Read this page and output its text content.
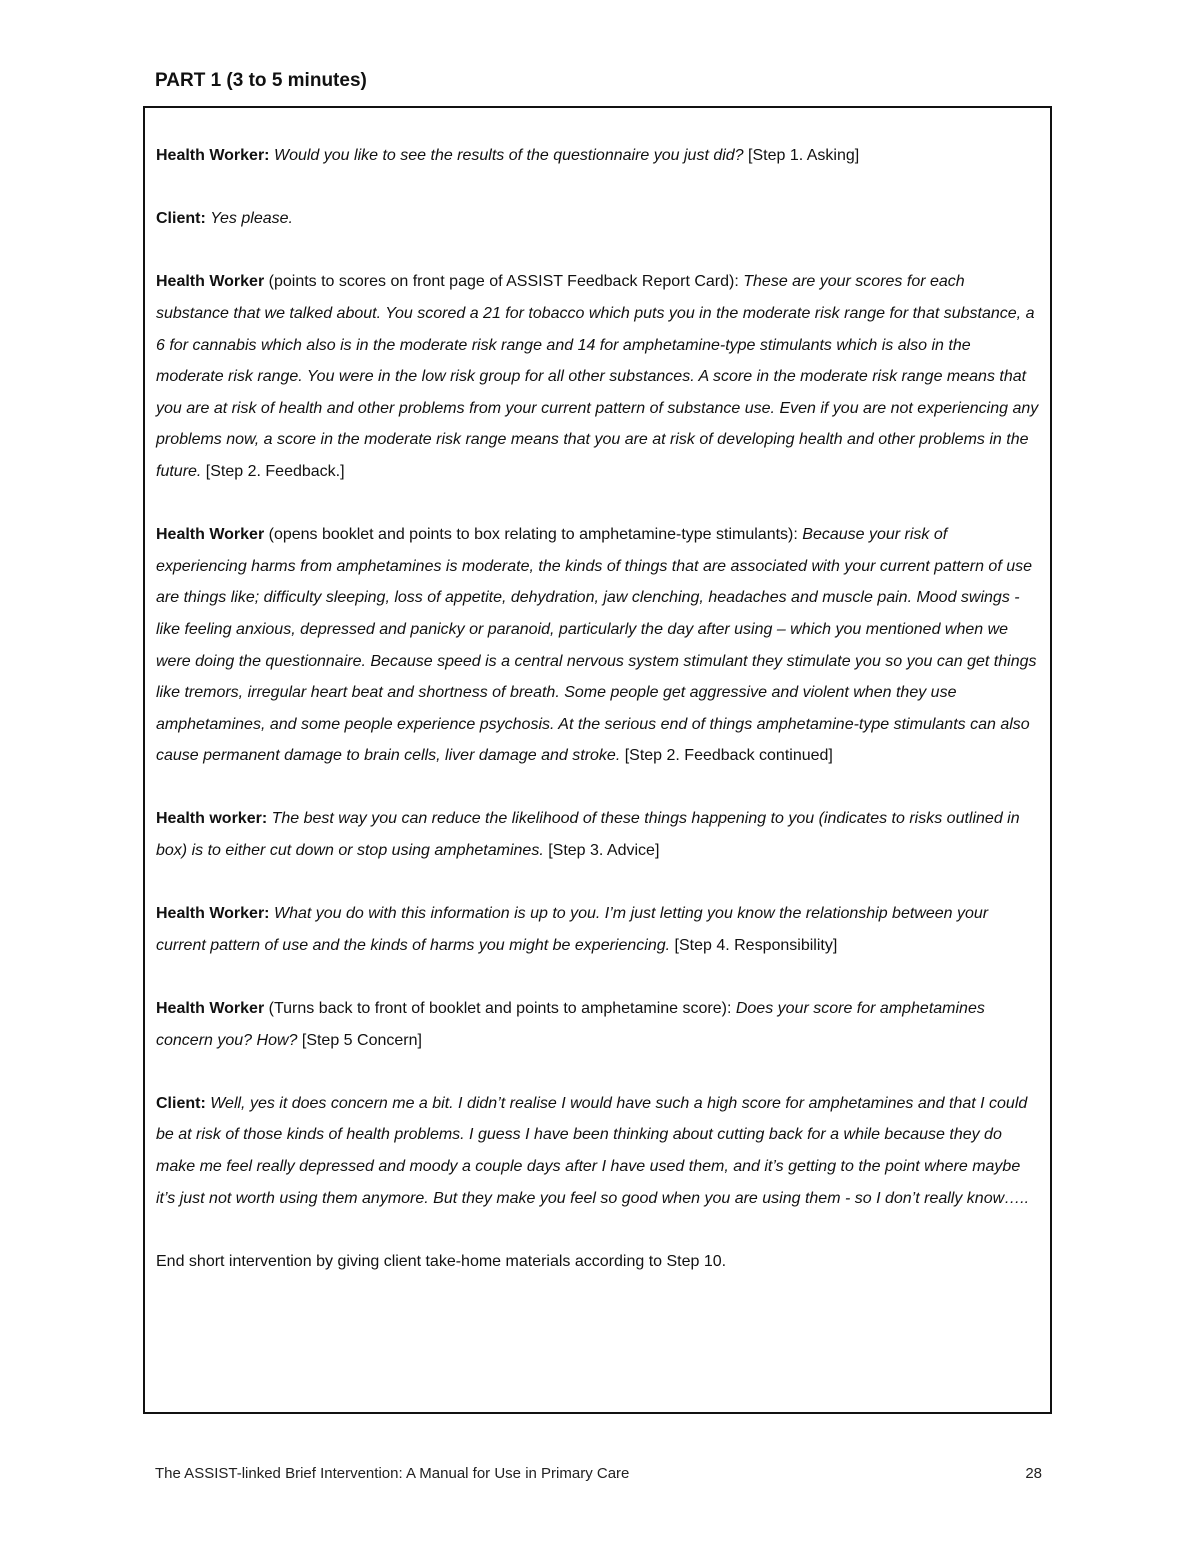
PART 1 (3 to 5 minutes)

Health Worker: Would you like to see the results of the questionnaire you just did? [Step 1. Asking]

Client: Yes please.

Health Worker (points to scores on front page of ASSIST Feedback Report Card): These are your scores for each substance that we talked about. You scored a 21 for tobacco which puts you in the moderate risk range for that substance, a 6 for cannabis which also is in the moderate risk range and 14 for amphetamine-type stimulants which is also in the moderate risk range. You were in the low risk group for all other substances. A score in the moderate risk range means that you are at risk of health and other problems from your current pattern of substance use. Even if you are not experiencing any problems now, a score in the moderate risk range means that you are at risk of developing health and other problems in the future. [Step 2. Feedback.]

Health Worker (opens booklet and points to box relating to amphetamine-type stimulants): Because your risk of experiencing harms from amphetamines is moderate, the kinds of things that are associated with your current pattern of use are things like; difficulty sleeping, loss of appetite, dehydration, jaw clenching, headaches and muscle pain. Mood swings - like feeling anxious, depressed and panicky or paranoid, particularly the day after using – which you mentioned when we were doing the questionnaire. Because speed is a central nervous system stimulant they stimulate you so you can get things like tremors, irregular heart beat and shortness of breath. Some people get aggressive and violent when they use amphetamines, and some people experience psychosis. At the serious end of things amphetamine-type stimulants can also cause permanent damage to brain cells, liver damage and stroke. [Step 2. Feedback continued]

Health worker: The best way you can reduce the likelihood of these things happening to you (indicates to risks outlined in box) is to either cut down or stop using amphetamines. [Step 3. Advice]

Health Worker: What you do with this information is up to you. I’m just letting you know the relationship between your current pattern of use and the kinds of harms you might be experiencing. [Step 4. Responsibility]

Health Worker (Turns back to front of booklet and points to amphetamine score): Does your score for amphetamines concern you? How? [Step 5 Concern]

Client: Well, yes it does concern me a bit. I didn’t realise I would have such a high score for amphetamines and that I could be at risk of those kinds of health problems. I guess I have been thinking about cutting back for a while because they do make me feel really depressed and moody a couple days after I have used them, and it’s getting to the point where maybe it’s just not worth using them anymore. But they make you feel so good when you are using them - so I don’t really know…..

End short intervention by giving client take-home materials according to Step 10.

The ASSIST-linked Brief Intervention: A Manual for Use in Primary Care	28
